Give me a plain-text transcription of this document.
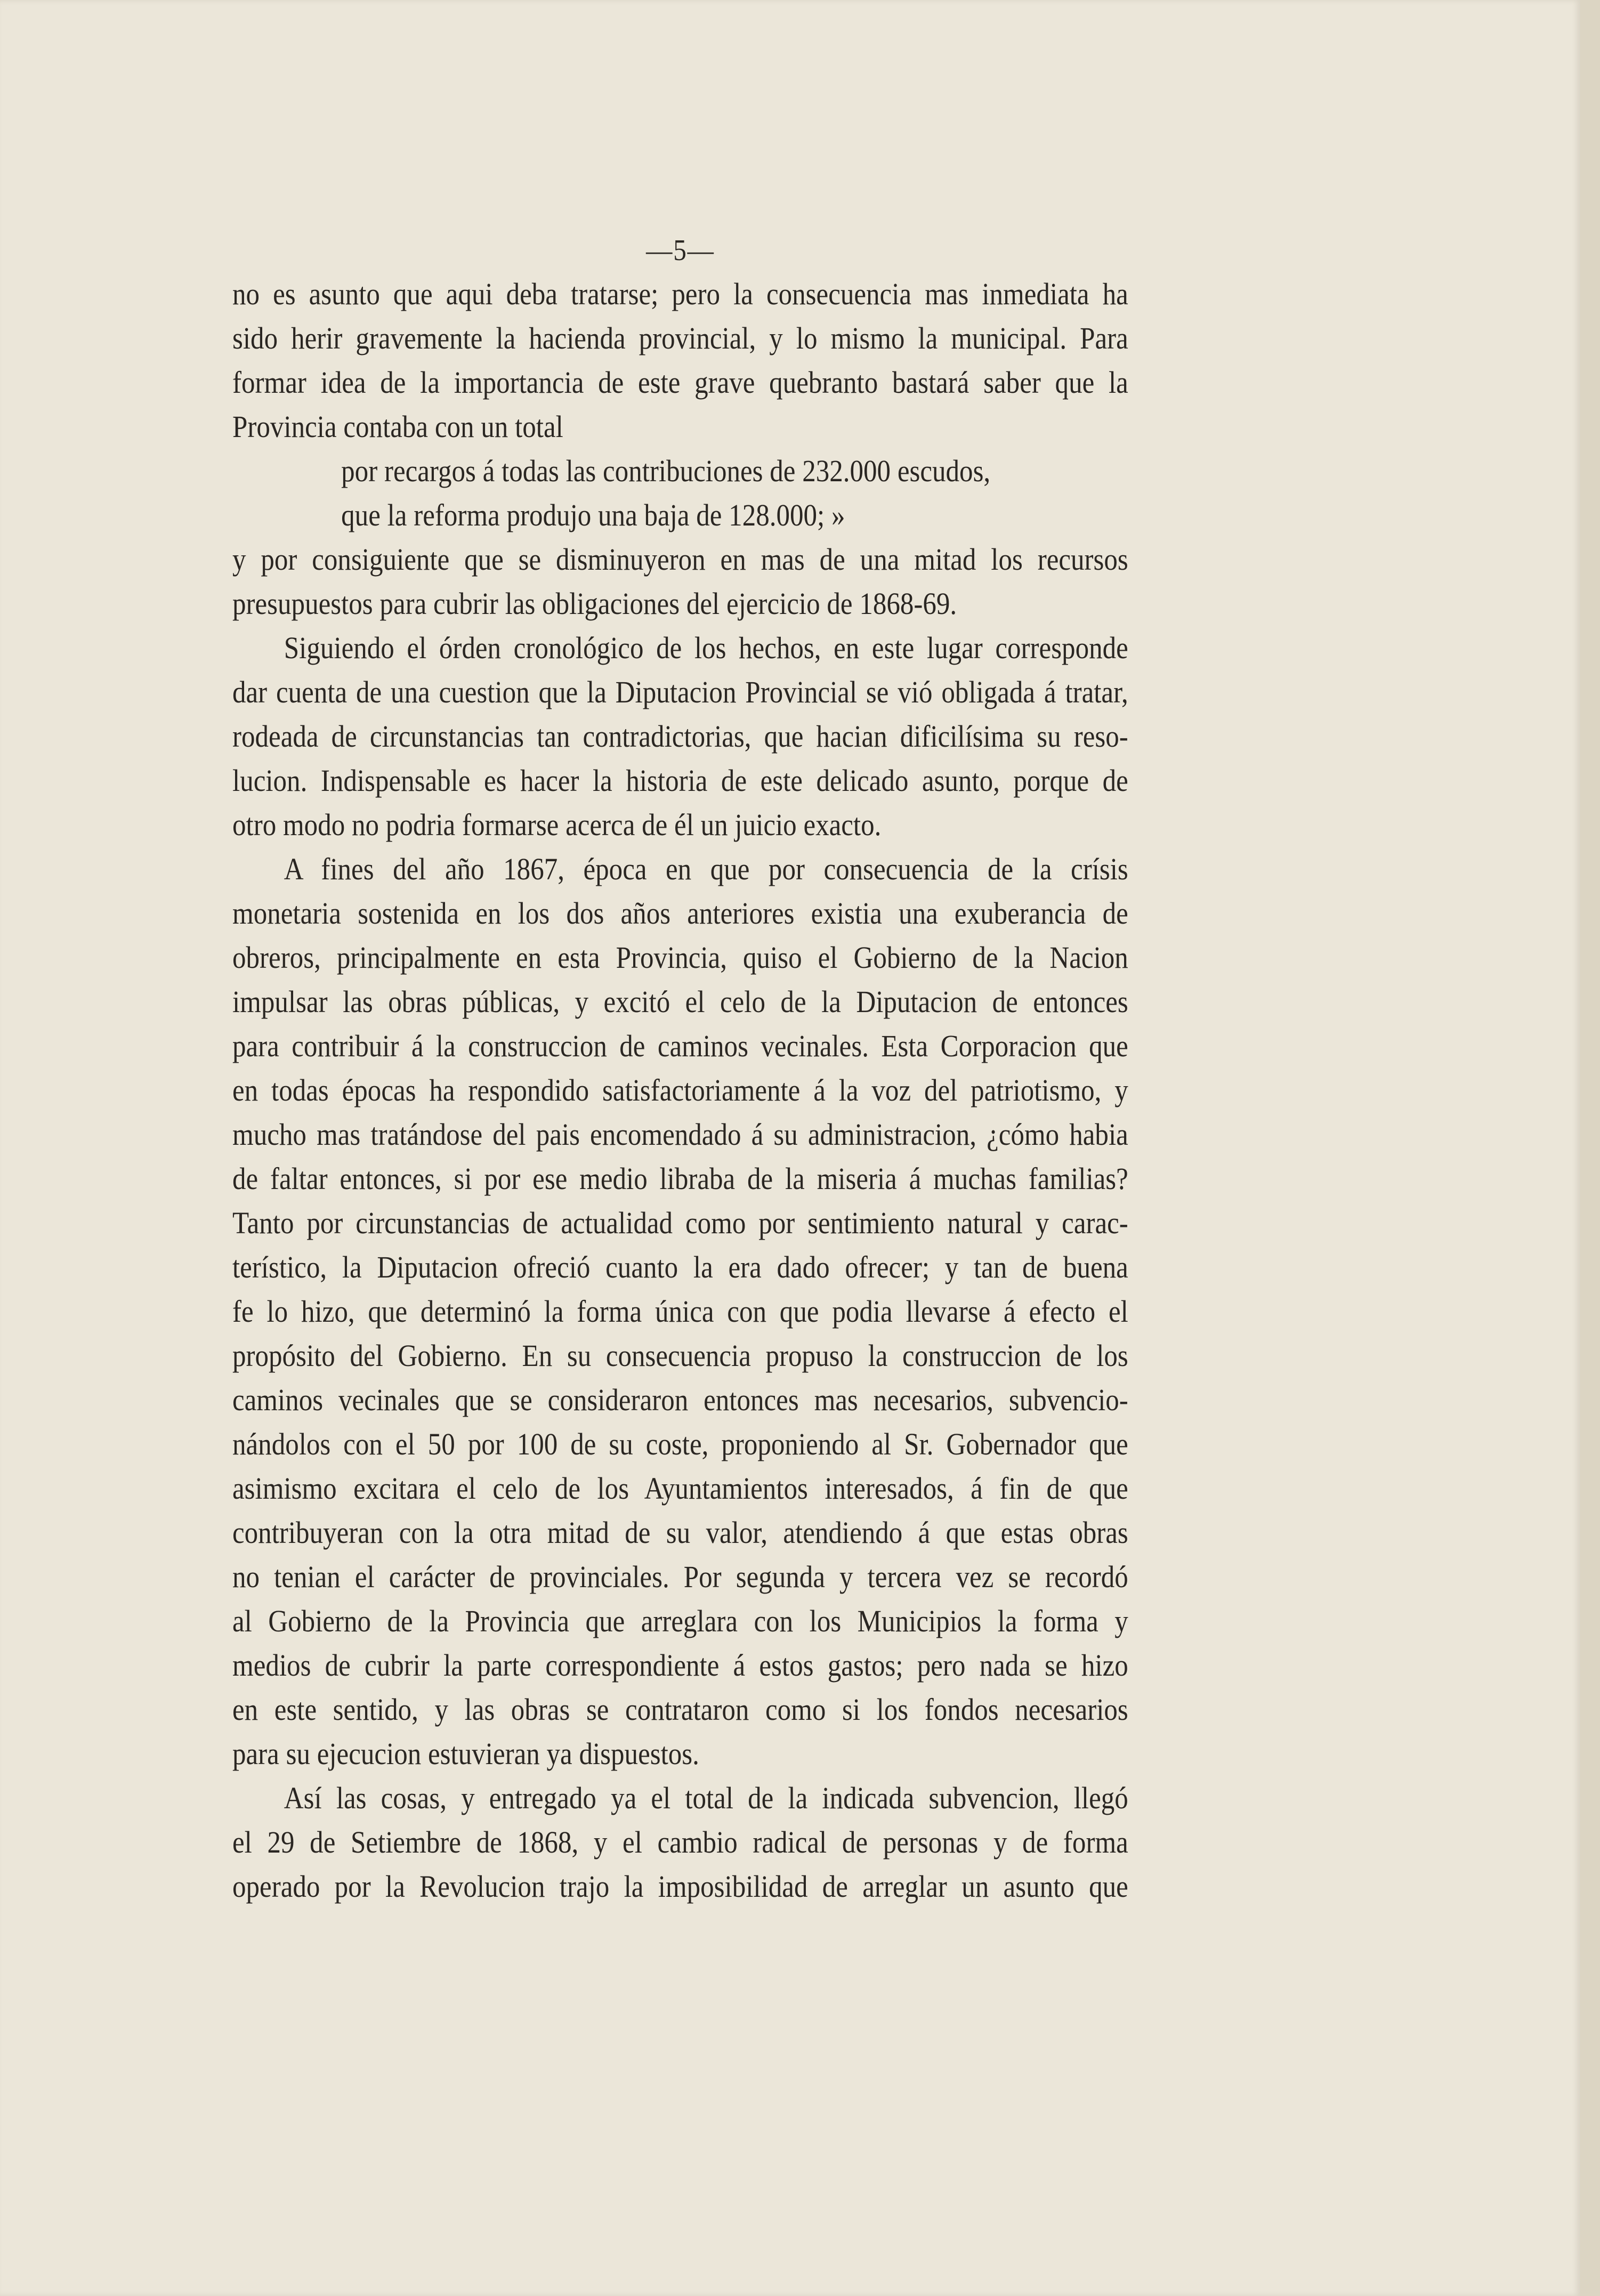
—5—
no es asunto que aqui deba tratarse; pero la consecuencia mas inmediata ha
sido herir gravemente la hacienda provincial, y lo mismo la municipal. Para
formar idea de la importancia de este grave quebranto bastará saber que la
Provincia contaba con un total
por recargos á todas las contribuciones de 232.000 escudos,
que la reforma produjo una baja de 128.000; »
y por consiguiente que se disminuyeron en mas de una mitad los recursos
presupuestos para cubrir las obligaciones del ejercicio de 1868-69.
Siguiendo el órden cronológico de los hechos, en este lugar corresponde
dar cuenta de una cuestion que la Diputacion Provincial se vió obligada á tratar,
rodeada de circunstancias tan contradictorias, que hacian dificilísima su reso-
lucion. Indispensable es hacer la historia de este delicado asunto, porque de
otro modo no podria formarse acerca de él un juicio exacto.
A fines del año 1867, época en que por consecuencia de la crísis
monetaria sostenida en los dos años anteriores existia una exuberancia de
obreros, principalmente en esta Provincia, quiso el Gobierno de la Nacion
impulsar las obras públicas, y excitó el celo de la Diputacion de entonces
para contribuir á la construccion de caminos vecinales. Esta Corporacion que
en todas épocas ha respondido satisfactoriamente á la voz del patriotismo, y
mucho mas tratándose del pais encomendado á su administracion, ¿cómo habia
de faltar entonces, si por ese medio libraba de la miseria á muchas familias?
Tanto por circunstancias de actualidad como por sentimiento natural y carac-
terístico, la Diputacion ofreció cuanto la era dado ofrecer; y tan de buena
fe lo hizo, que determinó la forma única con que podia llevarse á efecto el
propósito del Gobierno. En su consecuencia propuso la construccion de los
caminos vecinales que se consideraron entonces mas necesarios, subvencio-
nándolos con el 50 por 100 de su coste, proponiendo al Sr. Gobernador que
asimismo excitara el celo de los Ayuntamientos interesados, á fin de que
contribuyeran con la otra mitad de su valor, atendiendo á que estas obras
no tenian el carácter de provinciales. Por segunda y tercera vez se recordó
al Gobierno de la Provincia que arreglara con los Municipios la forma y
medios de cubrir la parte correspondiente á estos gastos; pero nada se hizo
en este sentido, y las obras se contrataron como si los fondos necesarios
para su ejecucion estuvieran ya dispuestos.
Así las cosas, y entregado ya el total de la indicada subvencion, llegó
el 29 de Setiembre de 1868, y el cambio radical de personas y de forma
operado por la Revolucion trajo la imposibilidad de arreglar un asunto que
